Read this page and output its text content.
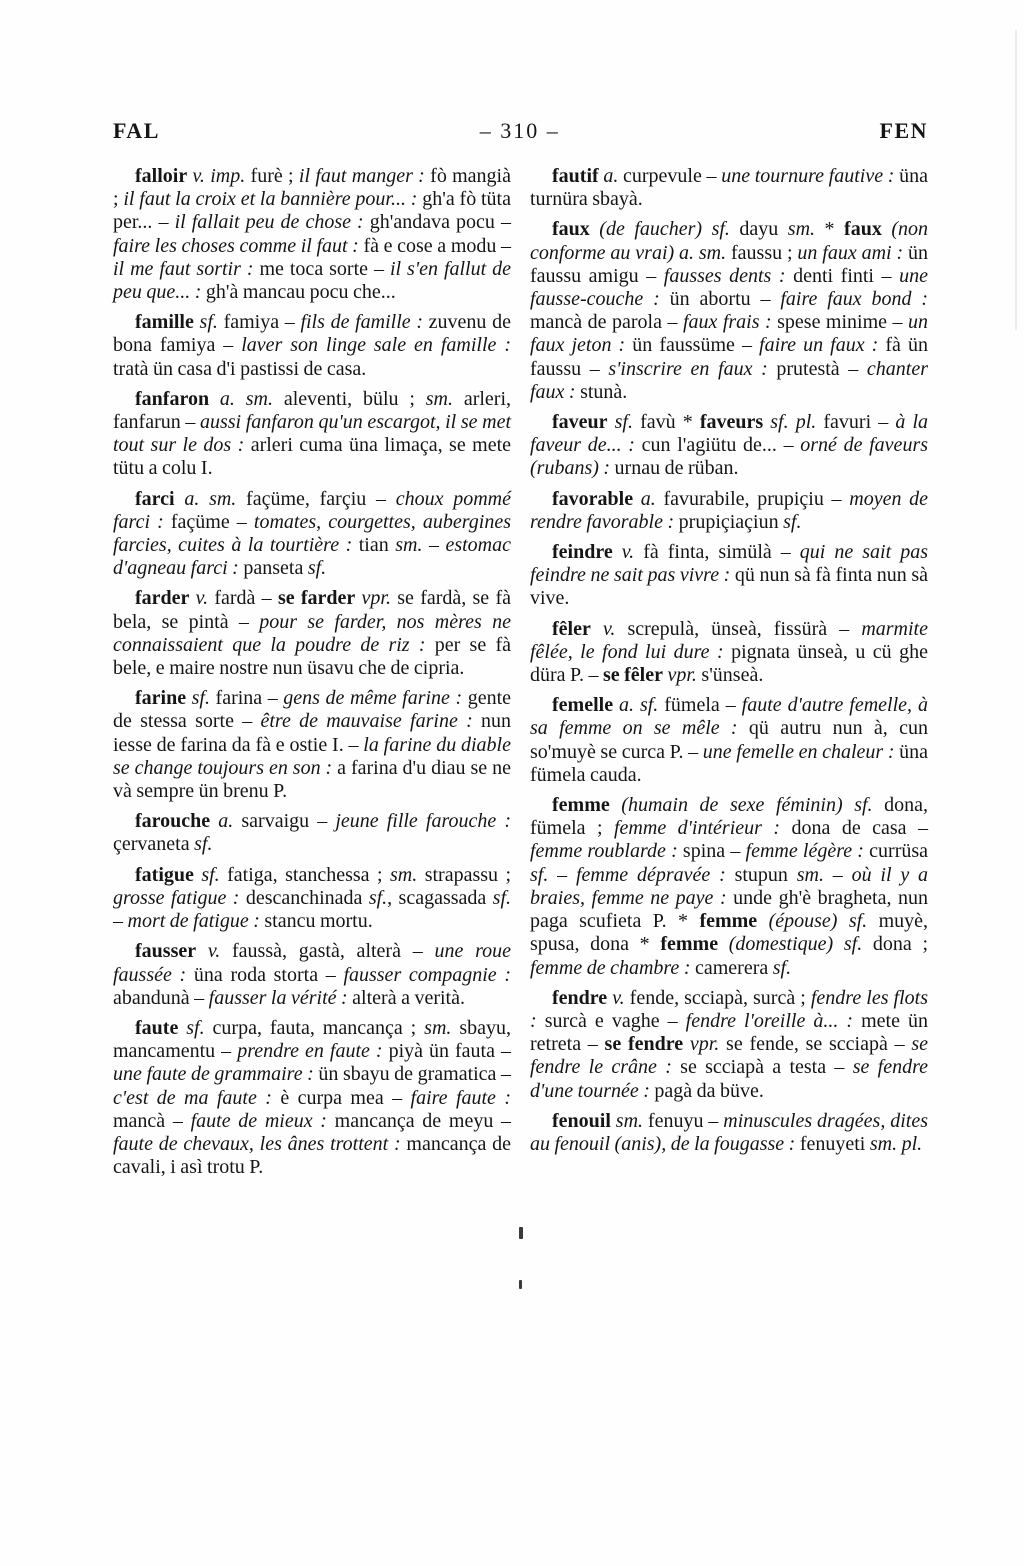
FAL	– 310 –	FEN

falloir v. imp. furè ; il faut manger : fò mangià ; il faut la croix et la bannière pour... : gh'a fò tüta per... – il fallait peu de chose : gh'andava pocu – faire les choses comme il faut : fà e cose a modu – il me faut sortir : me toca sorte – il s'en fallut de peu que... : gh'à mancau pocu che...

famille sf. famiya – fils de famille : zuvenu de bona famiya – laver son linge sale en famille : tratà ün casa d'i pastissi de casa.

fanfaron a. sm. aleventi, bülu ; sm. arleri, fanfarun – aussi fanfaron qu'un escargot, il se met tout sur le dos : arleri cuma üna limaça, se mete tütu a colu I.

farci a. sm. façüme, farçiu – choux pommé farci : façüme – tomates, courgettes, aubergines farcies, cuites à la tourtière : tian sm. – estomac d'agneau farci : panseta sf.

farder v. fardà – se farder vpr. se fardà, se fà bela, se pintà – pour se farder, nos mères ne connaissaient que la poudre de riz : per se fà bele, e maire nostre nun üsavu che de cipria.

farine sf. farina – gens de même farine : gente de stessa sorte – être de mauvaise farine : nun iesse de farina da fà e ostie I. – la farine du diable se change toujours en son : a farina d'u diau se ne và sempre ün brenu P.

farouche a. sarvaigu – jeune fille farouche : çervaneta sf.

fatigue sf. fatiga, stanchessa ; sm. strapassu ; grosse fatigue : descanchinada sf., scagassada sf. – mort de fatigue : stancu mortu.

fausser v. faussà, gastà, alterà – une roue faussée : üna roda storta – fausser compagnie : abandunà – fausser la vérité : alterà a verità.

faute sf. curpa, fauta, mancança ; sm. sbayu, mancamentu – prendre en faute : piyà ün fauta – une faute de grammaire : ün sbayu de gramatica – c'est de ma faute : è curpa mea – faire faute : mancà – faute de mieux : mancança de meyu – faute de chevaux, les ânes trottent : mancança de cavali, i asì trotu P.

fautif a. curpevule – une tournure fautive : üna turnüra sbayà.

faux (de faucher) sf. dayu sm. * faux (non conforme au vrai) a. sm. faussu ; un faux ami : ün faussu amigu – fausses dents : denti finti – une fausse-couche : ün abortu – faire faux bond : mancà de parola – faux frais : spese minime – un faux jeton : ün faussüme – faire un faux : fà ün faussu – s'inscrire en faux : prutestà – chanter faux : stunà.

faveur sf. favù * faveurs sf. pl. favuri – à la faveur de... : cun l'agiütu de... – orné de faveurs (rubans) : urnau de rüban.

favorable a. favurabile, prupiçiu – moyen de rendre favorable : prupiçiaçiun sf.

feindre v. fà finta, simülà – qui ne sait pas feindre ne sait pas vivre : qü nun sà fà finta nun sà vive.

fêler v. screpulà, ünseà, fissürà – marmite fêlée, le fond lui dure : pignata ünseà, u cü ghe düra P. – se fêler vpr. s'ünseà.

femelle a. sf. fümela – faute d'autre femelle, à sa femme on se mêle : qü autru nun à, cun so'muyè se curca P. – une femelle en chaleur : üna fümela cauda.

femme (humain de sexe féminin) sf. dona, fümela ; femme d'intérieur : dona de casa – femme roublarde : spina – femme légère : currüsa sf. – femme dépravée : stupun sm. – où il y a braies, femme ne paye : unde gh'è bragheta, nun paga scufieta P. * femme (épouse) sf. muyè, spusa, dona * femme (domestique) sf. dona ; femme de chambre : camerera sf.

fendre v. fende, scciapà, surcà ; fendre les flots : surcà e vaghe – fendre l'oreille à... : mete ün retreta – se fendre vpr. se fende, se scciapà – se fendre le crâne : se scciapà a testa – se fendre d'une tournée : pagà da büve.

fenouil sm. fenuyu – minuscules dragées, dites au fenouil (anis), de la fougasse : fenuyeti sm. pl.
